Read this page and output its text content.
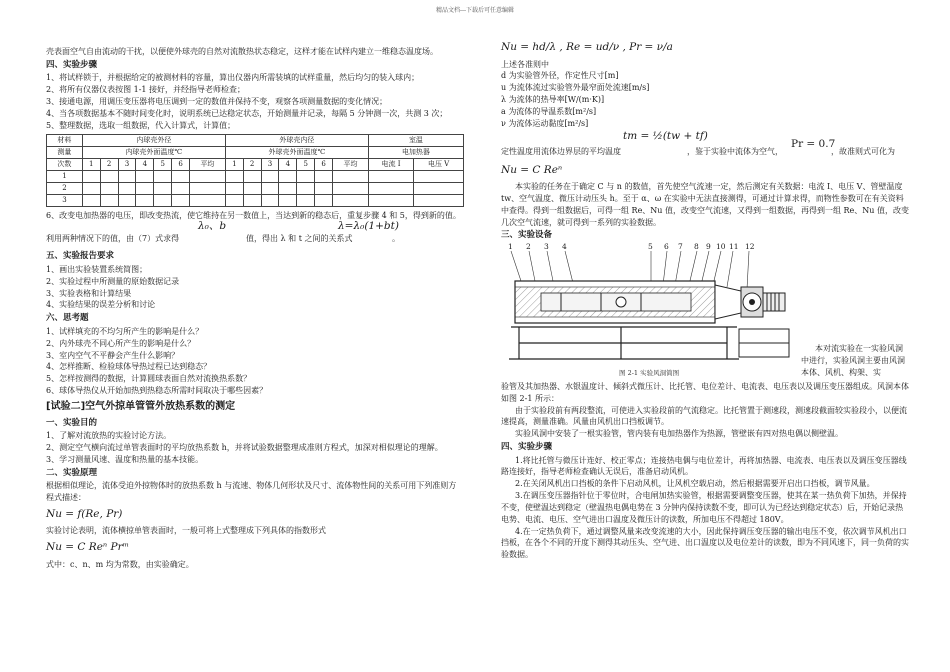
精品文档---下载后可任意编辑

壳表面空气自由流动的干扰，以便使外球壳的自然对流散热状态稳定，这样才能在试样内建立一维稳态温度场。

四、实验步骤

1、将试样锁于，并根据给定的被测材料的容量，算出仪器内所需装填的试样重量，然后均匀的装入球内；

2、将所有仪器仪表按图 1-1 接好，并经指导老师检查；

3、接通电源，用调压变压器将电压调到一定的数值并保持不变，观察各项测量数据的变化情况；

4、当各项数据基本不随时间变化时，说明系统已达稳定状态，开始测量并记录，每隔 5 分钟测一次，共测 3 次；

5、整理数据，选取一组数据，代入计算式，计算值；

材料	内球壳外径							外球壳内径							室温	
测量	内球壳外面温度℃							外球壳外面温度℃							电加热器	
次数	1	2	3	4	5	6	平均	1	2	3	4	5	6	平均	电流 I	电压 V
1																
2																
3																

6、改变电加热器的电压，即改变热流，使它维持在另一数值上，当达到新的稳态后，重复步骤 4 和 5，得到新的值。

利用两种情况下的值，由（7）式求得
λ₀、b
值，得出 λ 和 t 之间的关系式
λ=λ₀(1+bt)
。

五、实验报告要求

1、画出实验装置系统简图；

2、实验过程中所测量的原始数据记录

3、实验表格和计算结果

4、实验结果的误差分析和讨论

六、思考题

1、试样填充的不均匀所产生的影响是什么？

2、内外球壳不同心所产生的影响是什么？

3、室内空气不平静会产生什么影响？

4、怎样推断、检验球体导热过程已达到稳态？

5、怎样按测得的数据，计算圆球表面自然对流换热系数？

6、球体导热仪从开始加热到热稳态所需时间取决于哪些因素？

[试验二]空气外掠单管管外放热系数的测定

一、实验目的

1、了解对流放热的实验讨论方法。

2、测定空气横向流过单管表面时的平均放热系数 h，并将试验数据整理成准则方程式，加深对相似理论的理解。

3、学习测量风速、温度和热量的基本技能。

二、实验原理

根据相似理论，流体受迫外掠物体时的放热系数 h 与流速、物体几何形状及尺寸、流体物性间的关系可用下列准则方程式描述：

Nu = f(Re, Pr)

实验讨论表明，流体横掠单管表面时，一般可将上式整理成下列具体的指数形式

Nu = C Reⁿ Prᵐ

式中：c、n、m 均为常数，由实验确定。

Nu = hd/λ , Re = ud/ν , Pr = ν/a

上述各准则中

d 为实验管外径，作定性尺寸[m]

u 为流体流过实验管外最窄面处流速[m/s]

λ 为流体的热导率[W/(m·K)]

a 为流体的导温系数[m²/s]

ν 为流体运动黏度[m²/s]

tm = ½(tw + tf)
定性温度用流体边界层的平均温度	，鉴于实验中流体为空气，
Pr = 0.7
，故准则式可化为

Nu = C Reⁿ

本实验的任务在于确定 C 与 n 的数值，首先使空气流速一定，然后测定有关数据：电流 I、电压 V、管壁温度 tw、空气温度、微压计动压头 h。至于 α、ω 在实验中无法直接测得，可通过计算求得，而物性参数可在有关资料中查得。得到一组数据后，可得一组 Re、Nu 值，改变空气流速，又得到一组数据，再得到一组 Re、Nu 值，改变几次空气流速，就可得到一系列的实验数据。

三、实验设备

1 2 3 4	5 6 7 8 9 10 11 12
图 2-1 实验风洞简图
本对流实验在一实验风洞中进行，实验风洞主要由风洞本体、风机、构架、实

验管及其加热器、水银温度计、倾斜式微压计、比托管、电位差计、电流表、电压表以及调压变压器组成。风洞本体如图 2-1 所示：

由于实验段前有两段整流，可使进入实验段前的气流稳定。比托管置于测速段，测速段截面较实验段小，以便流速提高，测量准确。风量由风机出口挡板调节。

实验风洞中安装了一根实验管，管内装有电加热器作为热源，管壁嵌有四对热电偶以侧壁温。

四、实验步骤

1.将比托管与微压计连好、校正零点；连接热电偶与电位差计，再将加热器、电流表、电压表以及调压变压器线路连接好，指导老师检查确认无误后，准备启动风机。

2.在关闭风机出口挡板的条件下启动风机，让风机空载启动，然后根据需要开启出口挡板，调节风量。

3.在调压变压器指针位于零位时，合电闸加热实验管，根据需要调整变压器，使其在某一热负荷下加热，并保持不变，使壁温达到稳定（壁温热电偶电势在 3 分钟内保持读数不变，即可认为已经达到稳定状态）后，开始记录热电势、电流、电压、空气进出口温度及微压计的读数，所加电压不得超过 180V。

4.在一定热负荷下，通过调整风量来改变流速的大小，因此保持调压变压器的输出电压不变，依次调节风机出口挡板，在各个不同的开度下测得其动压头、空气进、出口温度以及电位差计的读数，即为不同风速下，同一负荷的实验数据。
